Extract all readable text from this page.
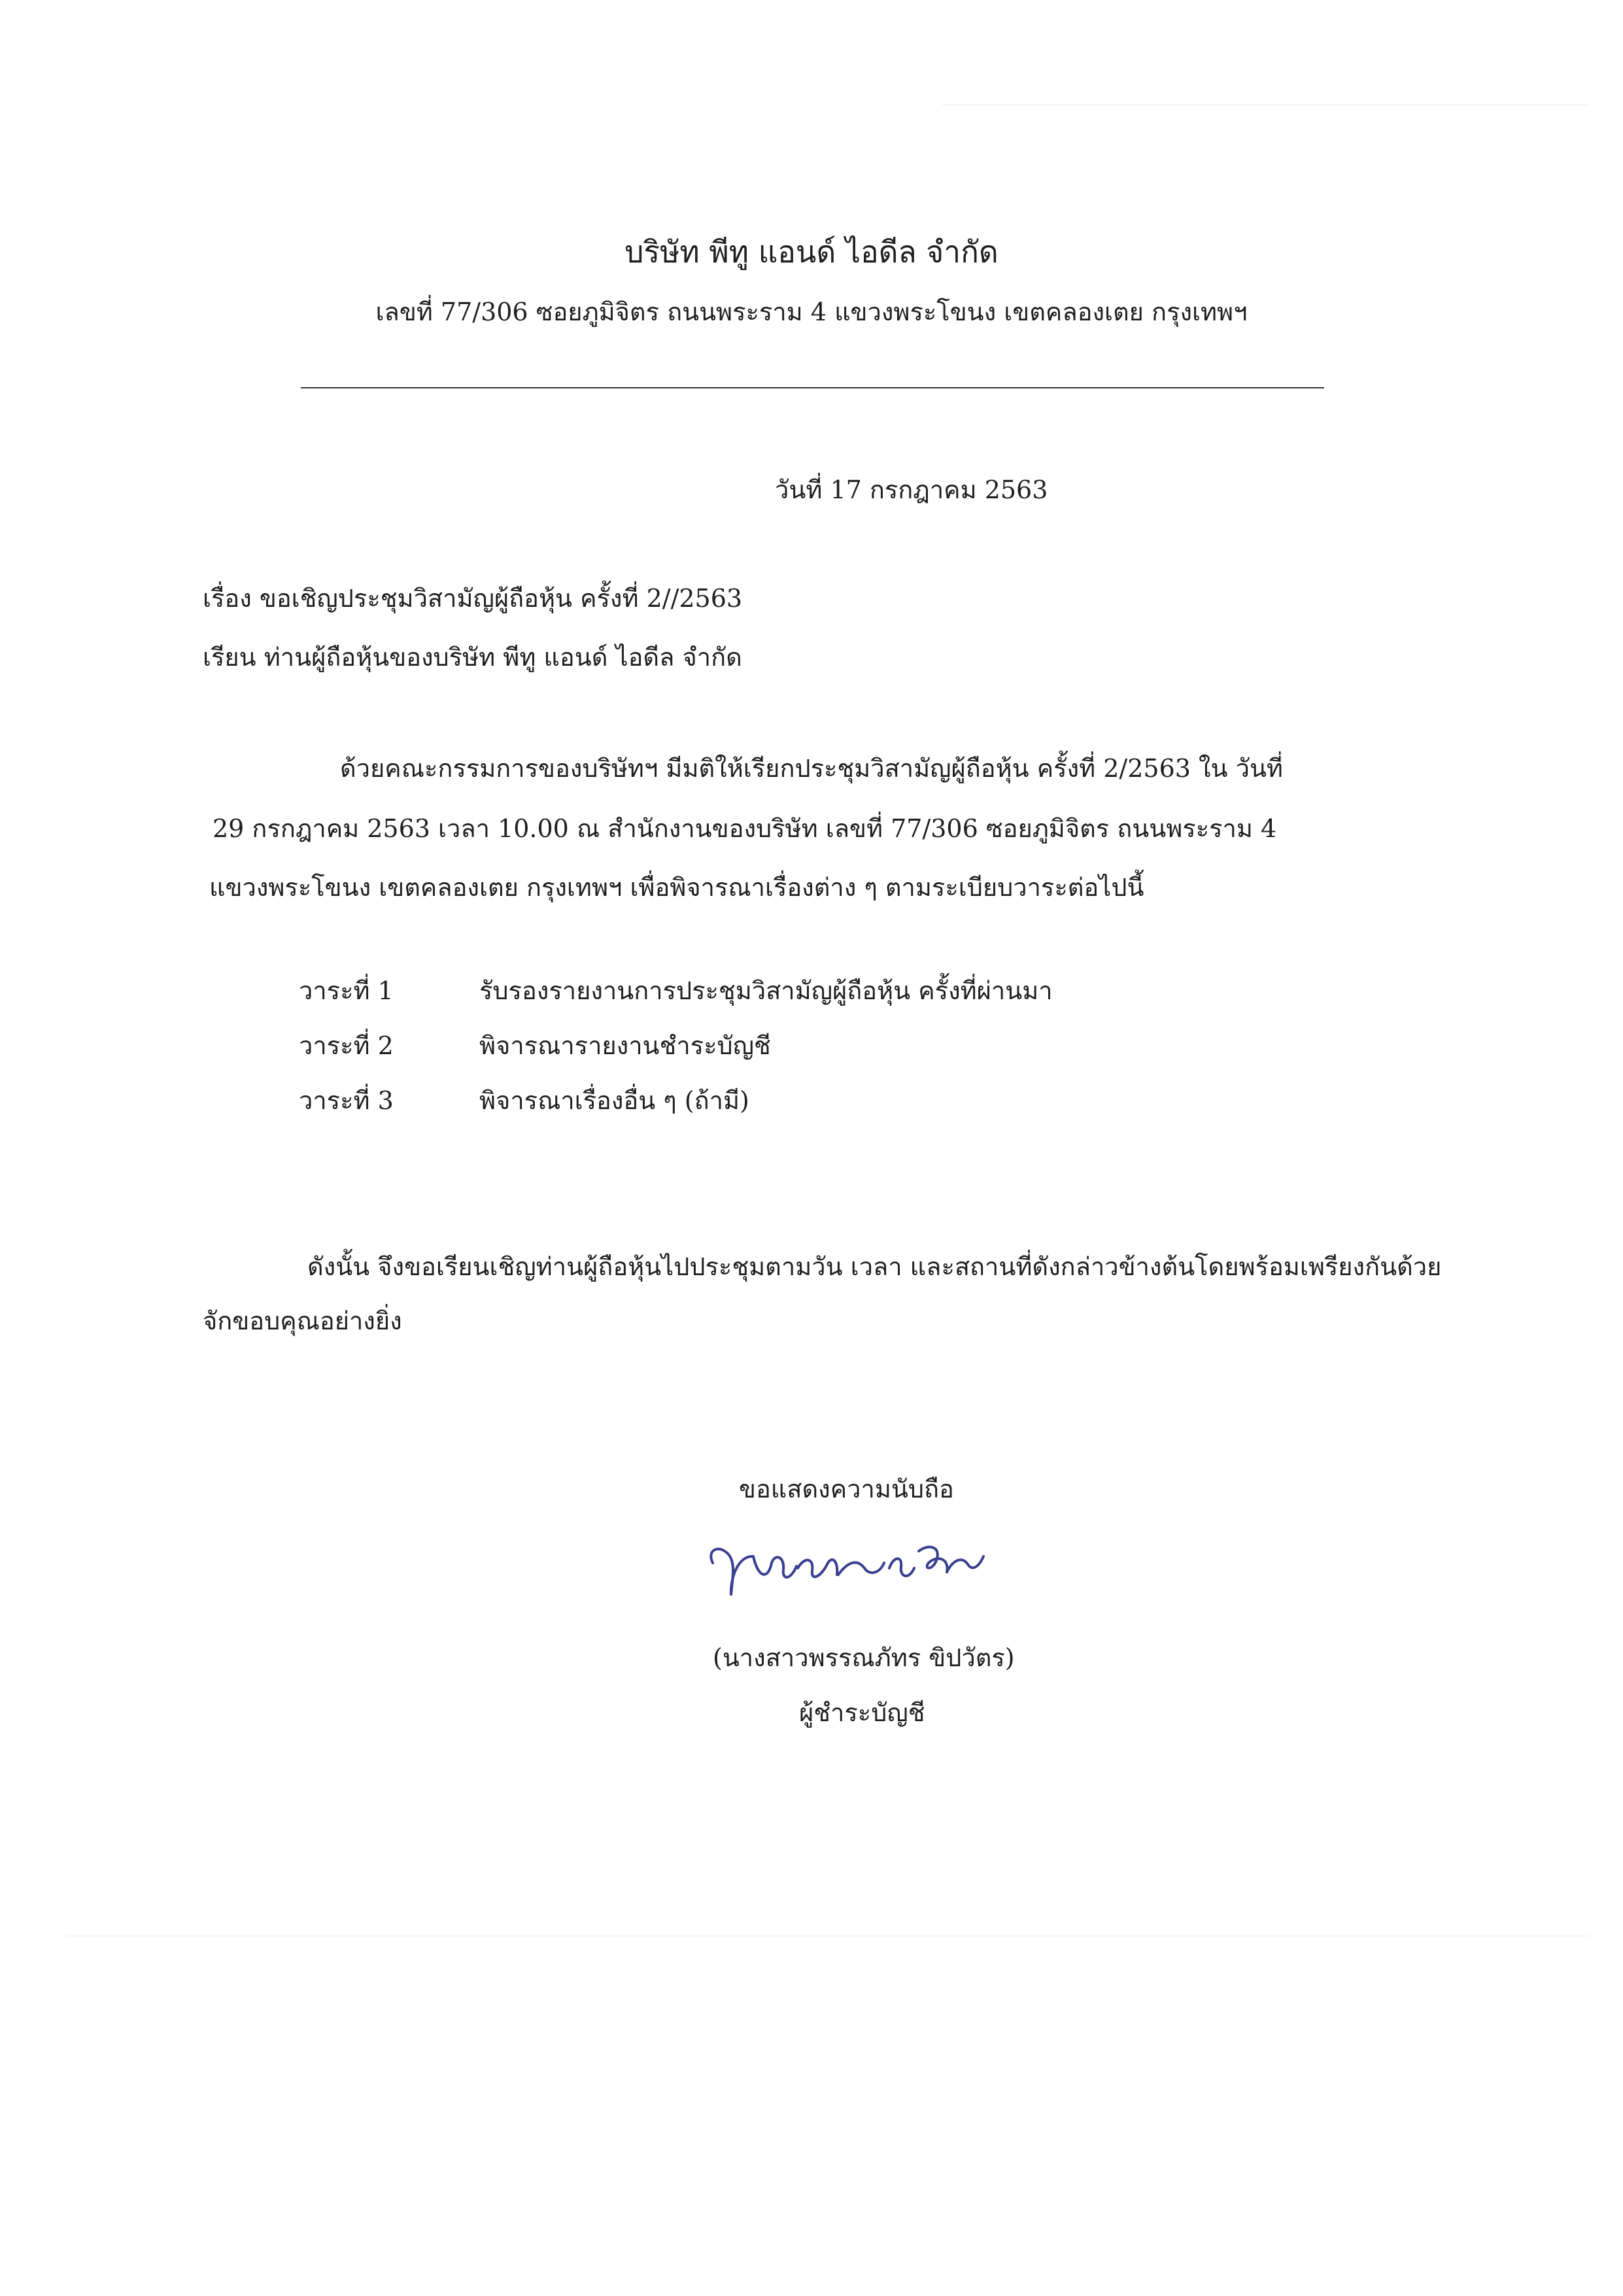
บริษัท พีทู แอนด์ ไอดีล จำกัด
เลขที่ 77/306 ซอยภูมิจิตร ถนนพระราม 4 แขวงพระโขนง เขตคลองเตย กรุงเทพฯ
วันที่ 17 กรกฎาคม 2563
เรื่อง ขอเชิญประชุมวิสามัญผู้ถือหุ้น ครั้งที่ 2//2563
เรียน ท่านผู้ถือหุ้นของบริษัท พีทู แอนด์ ไอดีล จำกัด
ด้วยคณะกรรมการของบริษัทฯ มีมติให้เรียกประชุมวิสามัญผู้ถือหุ้น ครั้งที่ 2/2563 ใน วันที่
29 กรกฎาคม 2563 เวลา 10.00 ณ สำนักงานของบริษัท เลขที่ 77/306 ซอยภูมิจิตร ถนนพระราม 4
แขวงพระโขนง เขตคลองเตย กรุงเทพฯ เพื่อพิจารณาเรื่องต่าง ๆ ตามระเบียบวาระต่อไปนี้
วาระที่ 1	รับรองรายงานการประชุมวิสามัญผู้ถือหุ้น ครั้งที่ผ่านมา
วาระที่ 2	พิจารณารายงานชำระบัญชี
วาระที่ 3	พิจารณาเรื่องอื่น ๆ (ถ้ามี)
ดังนั้น จึงขอเรียนเชิญท่านผู้ถือหุ้นไปประชุมตามวัน เวลา และสถานที่ดังกล่าวข้างต้นโดยพร้อมเพรียงกันด้วย
จักขอบคุณอย่างยิ่ง
ขอแสดงความนับถือ
(นางสาวพรรณภัทร ขิปวัตร)
ผู้ชำระบัญชี
